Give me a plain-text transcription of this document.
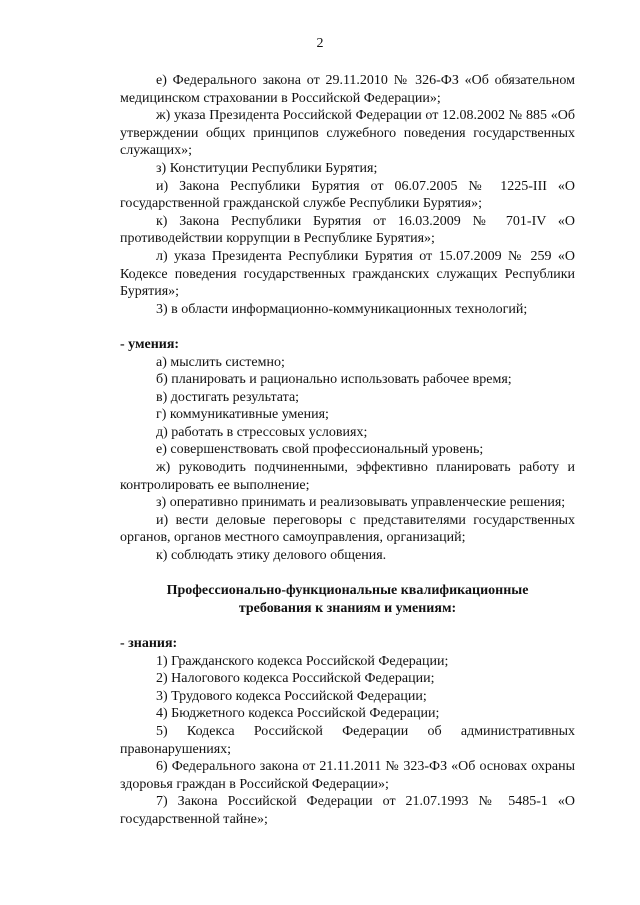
2

е) Федерального закона от 29.11.2010 № 326-ФЗ «Об обязательном медицинском страховании в Российской Федерации»;

ж) указа Президента Российской Федерации от 12.08.2002 № 885 «Об утверждении общих принципов служебного поведения государственных служащих»;

з) Конституции Республики Бурятия;

и) Закона Республики Бурятия от 06.07.2005 № 1225-III «О государственной гражданской службе Республики Бурятия»;

к) Закона Республики Бурятия от 16.03.2009 № 701-IV «О противодействии коррупции в Республике Бурятия»;

л) указа Президента Республики Бурятия от 15.07.2009 № 259 «О Кодексе поведения государственных гражданских служащих Республики Бурятия»;

3) в области информационно-коммуникационных технологий;

- умения:

а) мыслить системно;

б) планировать и рационально использовать рабочее время;

в) достигать результата;

г) коммуникативные умения;

д) работать в стрессовых условиях;

е) совершенствовать свой профессиональный уровень;

ж) руководить подчиненными, эффективно планировать работу и контролировать ее выполнение;

з) оперативно принимать и реализовывать управленческие решения;

и) вести деловые переговоры с представителями государственных органов, органов местного самоуправления, организаций;

к) соблюдать этику делового общения.

Профессионально-функциональные квалификационные
требования к знаниям и умениям:

- знания:

1) Гражданского кодекса Российской Федерации;

2) Налогового кодекса Российской Федерации;

3) Трудового кодекса Российской Федерации;

4) Бюджетного кодекса Российской Федерации;

5) Кодекса Российской Федерации об административных правонарушениях;

6) Федерального закона от 21.11.2011 № 323-ФЗ «Об основах охраны здоровья граждан в Российской Федерации»;

7) Закона Российской Федерации от 21.07.1993 № 5485-1 «О государственной тайне»;
